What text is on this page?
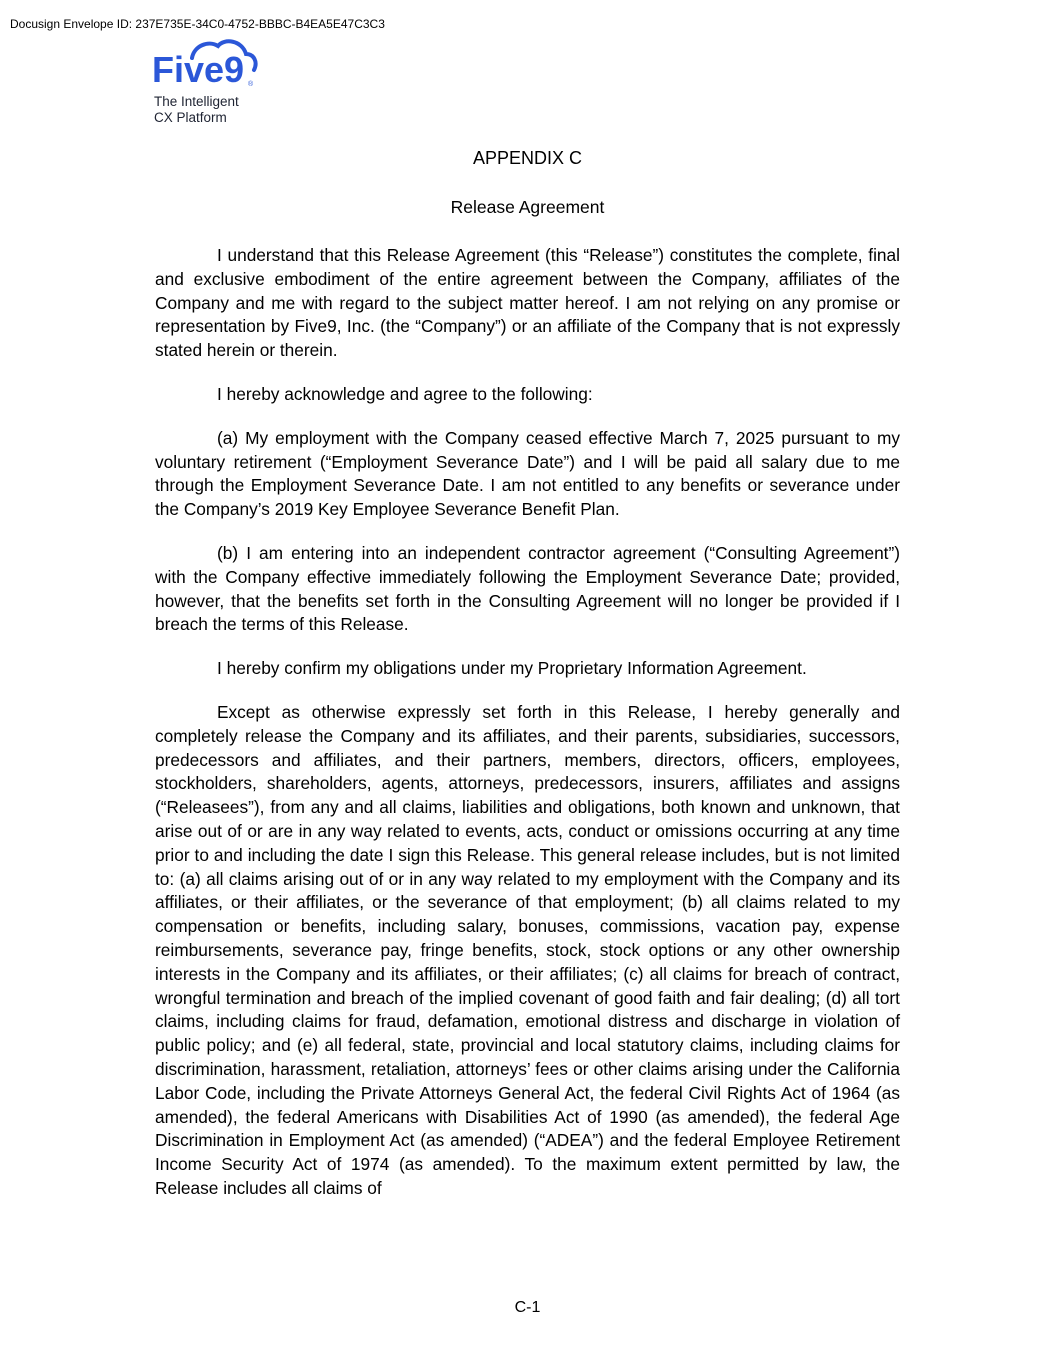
Docusign Envelope ID: 237E735E-34C0-4752-BBBC-B4EA5E47C3C3
Five9 ®
The Intelligent
CX Platform
APPENDIX C
Release Agreement

I understand that this Release Agreement (this “Release”) constitutes the complete, final and exclusive embodiment of the entire agreement between the Company, affiliates of the Company and me with regard to the subject matter hereof. I am not relying on any promise or representation by Five9, Inc. (the “Company”) or an affiliate of the Company that is not expressly stated herein or therein.

I hereby acknowledge and agree to the following:

(a) My employment with the Company ceased effective March 7, 2025 pursuant to my voluntary retirement (“Employment Severance Date”) and I will be paid all salary due to me through the Employment Severance Date. I am not entitled to any benefits or severance under the Company’s 2019 Key Employee Severance Benefit Plan.

(b) I am entering into an independent contractor agreement (“Consulting Agreement”) with the Company effective immediately following the Employment Severance Date; provided, however, that the benefits set forth in the Consulting Agreement will no longer be provided if I breach the terms of this Release.

I hereby confirm my obligations under my Proprietary Information Agreement.

Except as otherwise expressly set forth in this Release, I hereby generally and completely release the Company and its affiliates, and their parents, subsidiaries, successors, predecessors and affiliates, and their partners, members, directors, officers, employees, stockholders, shareholders, agents, attorneys, predecessors, insurers, affiliates and assigns (“Releasees”), from any and all claims, liabilities and obligations, both known and unknown, that arise out of or are in any way related to events, acts, conduct or omissions occurring at any time prior to and including the date I sign this Release. This general release includes, but is not limited to: (a) all claims arising out of or in any way related to my employment with the Company and its affiliates, or their affiliates, or the severance of that employment; (b) all claims related to my compensation or benefits, including salary, bonuses, commissions, vacation pay, expense reimbursements, severance pay, fringe benefits, stock, stock options or any other ownership interests in the Company and its affiliates, or their affiliates; (c) all claims for breach of contract, wrongful termination and breach of the implied covenant of good faith and fair dealing; (d) all tort claims, including claims for fraud, defamation, emotional distress and discharge in violation of public policy; and (e) all federal, state, provincial and local statutory claims, including claims for discrimination, harassment, retaliation, attorneys’ fees or other claims arising under the California Labor Code, including the Private Attorneys General Act, the federal Civil Rights Act of 1964 (as amended), the federal Americans with Disabilities Act of 1990 (as amended), the federal Age Discrimination in Employment Act (as amended) (“ADEA”) and the federal Employee Retirement Income Security Act of 1974 (as amended). To the maximum extent permitted by law, the Release includes all claims of

C-1
